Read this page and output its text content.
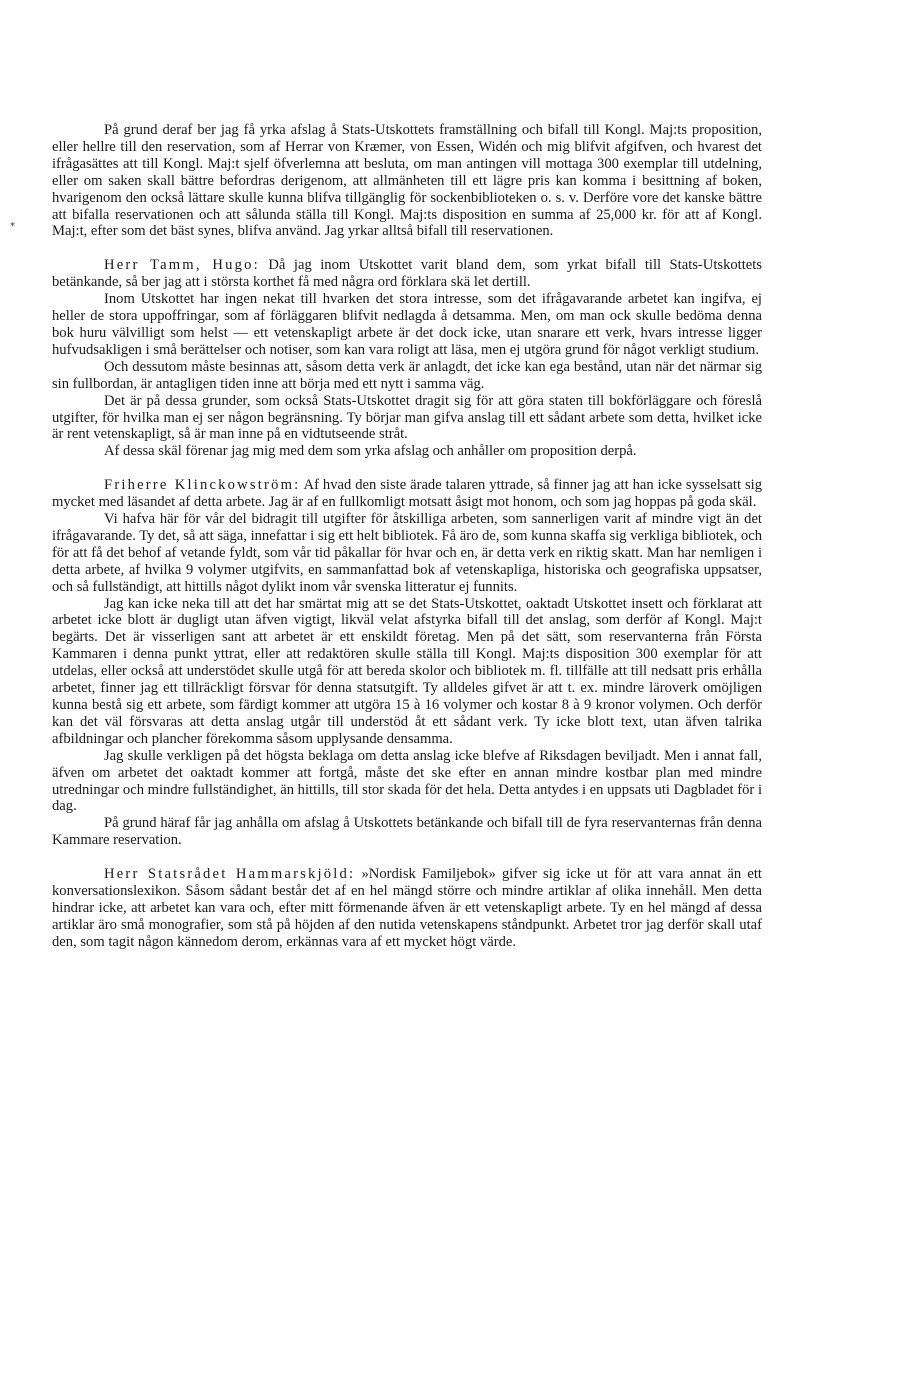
*

På grund deraf ber jag få yrka afslag å Stats-Utskottets framställning och bifall till Kongl. Maj:ts proposition, eller hellre till den reservation, som af Herrar von Kræmer, von Essen, Widén och mig blifvit afgifven, och hvarest det ifrågasättes att till Kongl. Maj:t sjelf öfverlemna att besluta, om man antingen vill mottaga 300 exemplar till utdelning, eller om saken skall bättre befordras derigenom, att allmänheten till ett lägre pris kan komma i besittning af boken, hvarigenom den också lättare skulle kunna blifva tillgänglig för sockenbiblioteken o. s. v. Derföre vore det kanske bättre att bifalla reservationen och att sålunda ställa till Kongl. Maj:ts disposition en summa af 25,000 kr. för att af Kongl. Maj:t, efter som det bäst synes, blifva använd. Jag yrkar alltså bifall till reservationen.

Herr Tamm, Hugo: Då jag inom Utskottet varit bland dem, som yrkat bifall till Stats-Utskottets betänkande, så ber jag att i största korthet få med några ord förklara skä let dertill.

Inom Utskottet har ingen nekat till hvarken det stora intresse, som det ifrågavarande arbetet kan ingifva, ej heller de stora uppoffringar, som af förläggaren blifvit nedlagda å detsamma. Men, om man ock skulle bedöma denna bok huru välvilligt som helst — ett vetenskapligt arbete är det dock icke, utan snarare ett verk, hvars intresse ligger hufvudsakligen i små berättelser och notiser, som kan vara roligt att läsa, men ej utgöra grund för något verkligt studium.

Och dessutom måste besinnas att, såsom detta verk är anlagdt, det icke kan ega bestånd, utan när det närmar sig sin fullbordan, är antagligen tiden inne att börja med ett nytt i samma väg.

Det är på dessa grunder, som också Stats-Utskottet dragit sig för att göra staten till bokförläggare och föreslå utgifter, för hvilka man ej ser någon begränsning. Ty börjar man gifva anslag till ett sådant arbete som detta, hvilket icke är rent vetenskapligt, så är man inne på en vidtutseende stråt.

Af dessa skäl förenar jag mig med dem som yrka afslag och anhåller om proposition derpå.

Friherre Klinckowström: Af hvad den siste ärade talaren yttrade, så finner jag att han icke sysselsatt sig mycket med läsandet af detta arbete. Jag är af en fullkomligt motsatt åsigt mot honom, och som jag hoppas på goda skäl.

Vi hafva här för vår del bidragit till utgifter för åtskilliga arbeten, som sannerligen varit af mindre vigt än det ifrågavarande. Ty det, så att säga, innefattar i sig ett helt bibliotek. Få äro de, som kunna skaffa sig verkliga bibliotek, och för att få det behof af vetande fyldt, som vår tid påkallar för hvar och en, är detta verk en riktig skatt. Man har nemligen i detta arbete, af hvilka 9 volymer utgifvits, en sammanfattad bok af vetenskapliga, historiska och geografiska uppsatser, och så fullständigt, att hittills något dylikt inom vår svenska litteratur ej funnits.

Jag kan icke neka till att det har smärtat mig att se det Stats-Utskottet, oaktadt Utskottet insett och förklarat att arbetet icke blott är dugligt utan äfven vigtigt, likväl velat afstyrka bifall till det anslag, som derför af Kongl. Maj:t begärts. Det är visserligen sant att arbetet är ett enskildt företag. Men på det sätt, som reservanterna från Första Kammaren i denna punkt yttrat, eller att redaktören skulle ställa till Kongl. Maj:ts disposition 300 exemplar för att utdelas, eller också att understödet skulle utgå för att bereda skolor och bibliotek m. fl. tillfälle att till nedsatt pris erhålla arbetet, finner jag ett tillräckligt försvar för denna statsutgift. Ty alldeles gifvet är att t. ex. mindre läroverk omöjligen kunna bestå sig ett arbete, som färdigt kommer att utgöra 15 à 16 volymer och kostar 8 à 9 kronor volymen. Och derför kan det väl försvaras att detta anslag utgår till understöd åt ett sådant verk. Ty icke blott text, utan äfven talrika afbildningar och plancher förekomma såsom upplysande densamma.

Jag skulle verkligen på det högsta beklaga om detta anslag icke blefve af Riksdagen beviljadt. Men i annat fall, äfven om arbetet det oaktadt kommer att fortgå, måste det ske efter en annan mindre kostbar plan med mindre utredningar och mindre fullständighet, än hittills, till stor skada för det hela. Detta antydes i en uppsats uti Dagbladet för i dag.

På grund häraf får jag anhålla om afslag å Utskottets betänkande och bifall till de fyra reservanternas från denna Kammare reservation.

Herr Statsrådet Hammarskjöld: »Nordisk Familjebok» gifver sig icke ut för att vara annat än ett konversationslexikon. Såsom sådant består det af en hel mängd större och mindre artiklar af olika innehåll. Men detta hindrar icke, att arbetet kan vara och, efter mitt förmenande äfven är ett vetenskapligt arbete. Ty en hel mängd af dessa artiklar äro små monografier, som stå på höjden af den nutida vetenskapens ståndpunkt. Arbetet tror jag derför skall utaf den, som tagit någon kännedom derom, erkännas vara af ett mycket högt värde.
